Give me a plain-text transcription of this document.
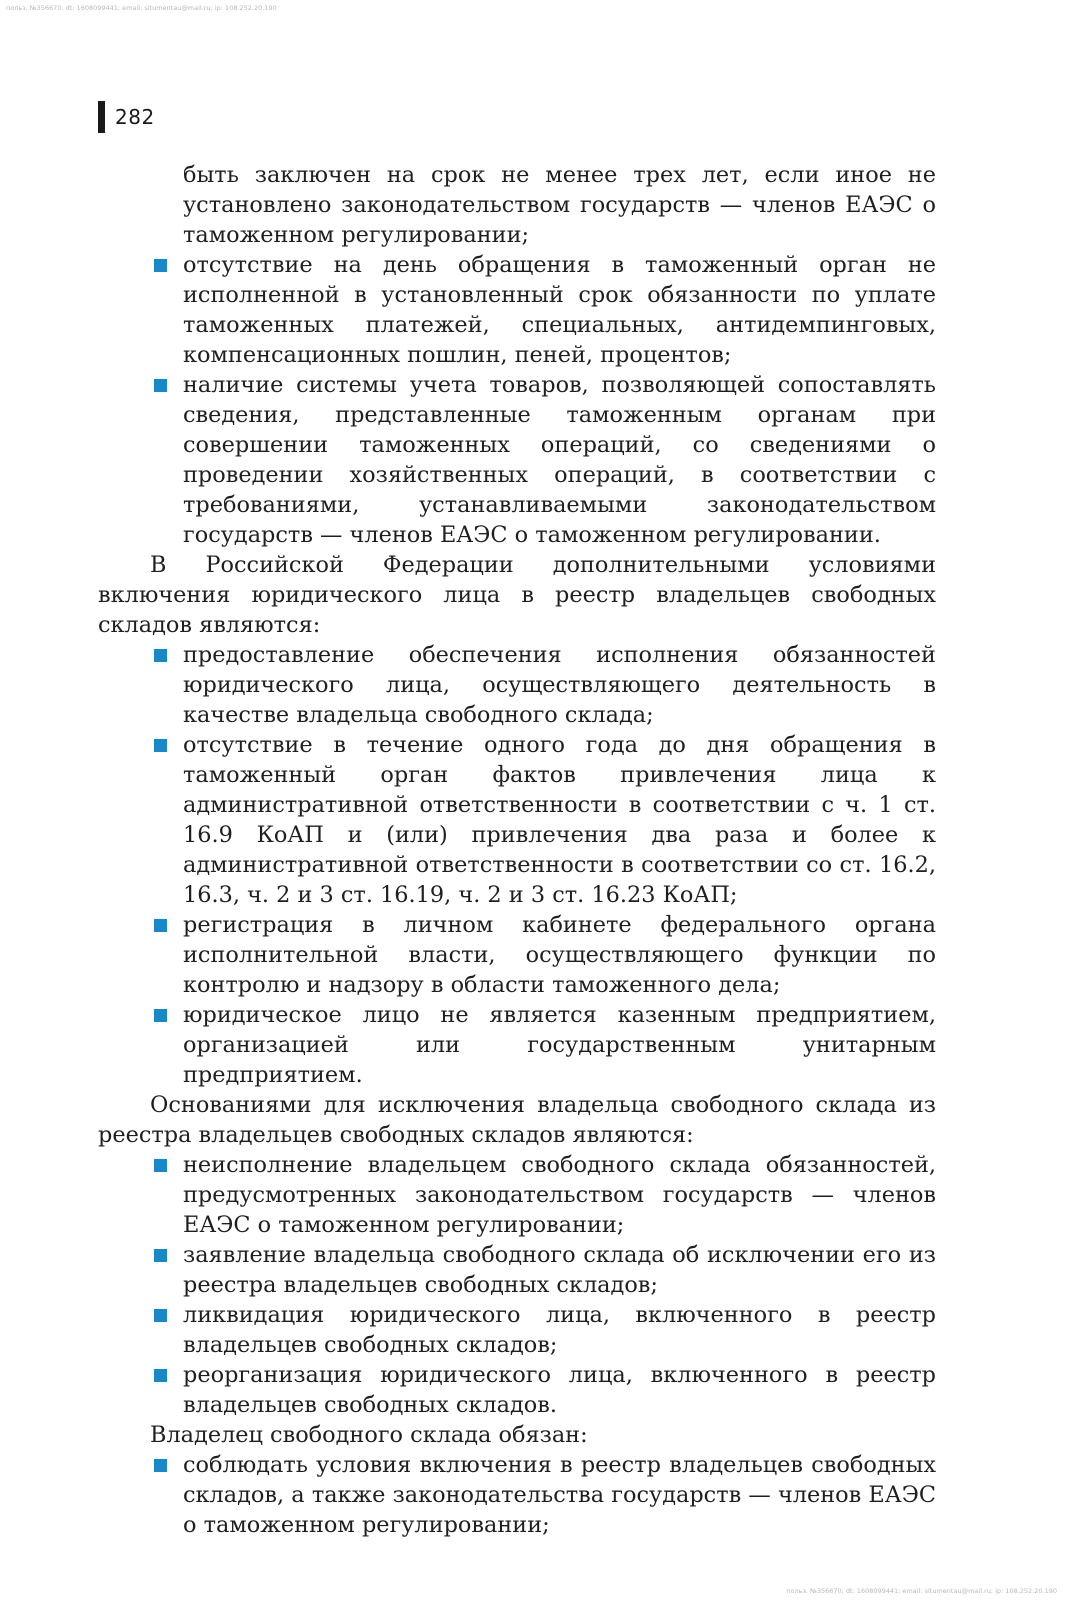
польз. №356670; dt: 1608099441; email: situmentau@mail.ru; ip: 108.252.20.190
282

быть заключен на срок не менее трех лет, если иное не установлено законодательством государств — членов ЕАЭС о таможенном регулировании;

отсутствие на день обращения в таможенный орган не исполненной в установленный срок обязанности по уплате таможенных платежей, специальных, антидемпинговых, компенсационных пошлин, пеней, процентов;
наличие системы учета товаров, позволяющей сопоставлять сведения, представленные таможенным органам при совершении таможенных операций, со сведениями о проведении хозяйственных операций, в соответствии с требованиями, устанавливаемыми законодательством государств — членов ЕАЭС о таможенном регулировании.

В Российской Федерации дополнительными условиями включения юридического лица в реестр владельцев свободных складов являются:

предоставление обеспечения исполнения обязанностей юридического лица, осуществляющего деятельность в качестве владельца свободного склада;
отсутствие в течение одного года до дня обращения в таможенный орган фактов привлечения лица к административной ответственности в соответствии с ч. 1 ст. 16.9 КоАП и (или) привлечения два раза и более к административной ответственности в соответствии со ст. 16.2, 16.3, ч. 2 и 3 ст. 16.19, ч. 2 и 3 ст. 16.23 КоАП;
регистрация в личном кабинете федерального органа исполнительной власти, осуществляющего функции по контролю и надзору в области таможенного дела;
юридическое лицо не является казенным предприятием, организацией или государственным унитарным предприятием.

Основаниями для исключения владельца свободного склада из реестра владельцев свободных складов являются:

неисполнение владельцем свободного склада обязанностей, предусмотренных законодательством государств — членов ЕАЭС о таможенном регулировании;
заявление владельца свободного склада об исключении его из реестра владельцев свободных складов;
ликвидация юридического лица, включенного в реестр владельцев свободных складов;
реорганизация юридического лица, включенного в реестр владельцев свободных складов.

Владелец свободного склада обязан:

соблюдать условия включения в реестр владельцев свободных складов, а также законодательства государств — членов ЕАЭС о таможенном регулировании;
польз. №356670; dt: 1608099441; email: situmentau@mail.ru; ip: 108.252.20.190
